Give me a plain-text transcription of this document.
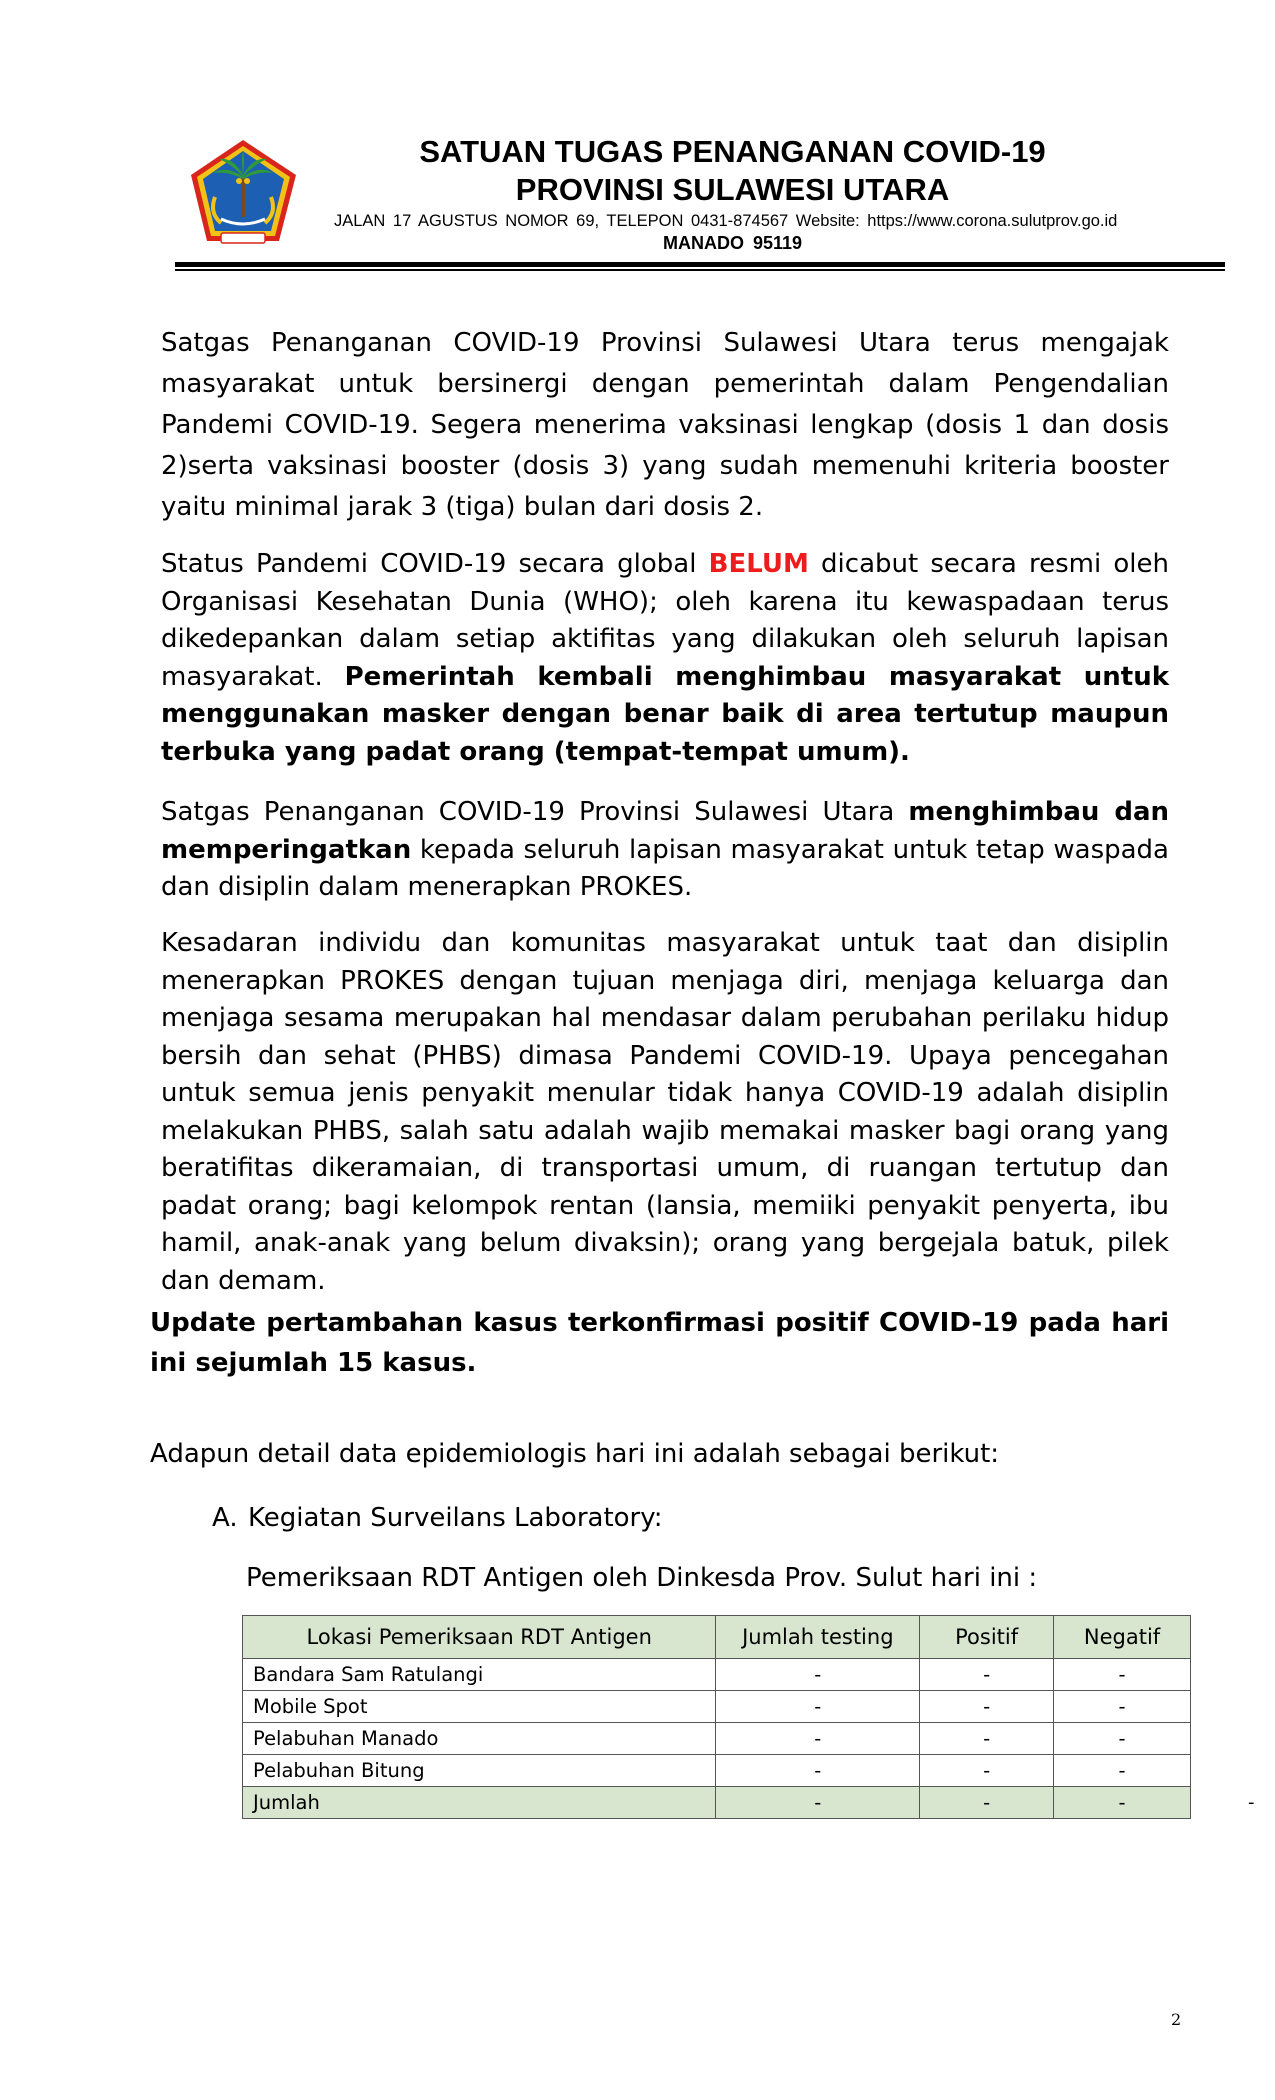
SATUAN TUGAS PENANGANAN COVID-19
PROVINSI SULAWESI UTARA
JALAN 17 AGUSTUS NOMOR 69, TELEPON 0431-874567 Website: https://www.corona.sulutprov.go.id
MANADO 95119

Satgas Penanganan COVID-19 Provinsi Sulawesi Utara terus mengajak masyarakat untuk bersinergi dengan pemerintah dalam Pengendalian Pandemi COVID-19. Segera menerima vaksinasi lengkap (dosis 1 dan dosis 2)serta vaksinasi booster (dosis 3) yang sudah memenuhi kriteria booster yaitu minimal jarak 3 (tiga) bulan dari dosis 2.

Status Pandemi COVID-19 secara global BELUM dicabut secara resmi oleh Organisasi Kesehatan Dunia (WHO); oleh karena itu kewaspadaan terus dikedepankan dalam setiap aktifitas yang dilakukan oleh seluruh lapisan masyarakat. Pemerintah kembali menghimbau masyarakat untuk menggunakan masker dengan benar baik di area tertutup maupun terbuka yang padat orang (tempat-tempat umum).

Satgas Penanganan COVID-19 Provinsi Sulawesi Utara menghimbau dan memperingatkan kepada seluruh lapisan masyarakat untuk tetap waspada dan disiplin dalam menerapkan PROKES.

Kesadaran individu dan komunitas masyarakat untuk taat dan disiplin menerapkan PROKES dengan tujuan menjaga diri, menjaga keluarga dan menjaga sesama merupakan hal mendasar dalam perubahan perilaku hidup bersih dan sehat (PHBS) dimasa Pandemi COVID-19. Upaya pencegahan untuk semua jenis penyakit menular tidak hanya COVID-19 adalah disiplin melakukan PHBS, salah satu adalah wajib memakai masker bagi orang yang beratifitas dikeramaian, di transportasi umum, di ruangan tertutup dan padat orang; bagi kelompok rentan (lansia, memiiki penyakit penyerta, ibu hamil, anak-anak yang belum divaksin); orang yang bergejala batuk, pilek dan demam.

Update pertambahan kasus terkonfirmasi positif COVID-19 pada hari ini sejumlah 15 kasus.

Adapun detail data epidemiologis hari ini adalah sebagai berikut:

A. Kegiatan Surveilans Laboratory:

Pemeriksaan RDT Antigen oleh Dinkesda Prov. Sulut hari ini :

Lokasi Pemeriksaan RDT Antigen	Jumlah testing	Positif	Negatif
Bandara Sam Ratulangi	-	-	-
Mobile Spot	-	-	-
Pelabuhan Manado	-	-	-
Pelabuhan Bitung	-	-	-
Jumlah	-	-	-	-
2
